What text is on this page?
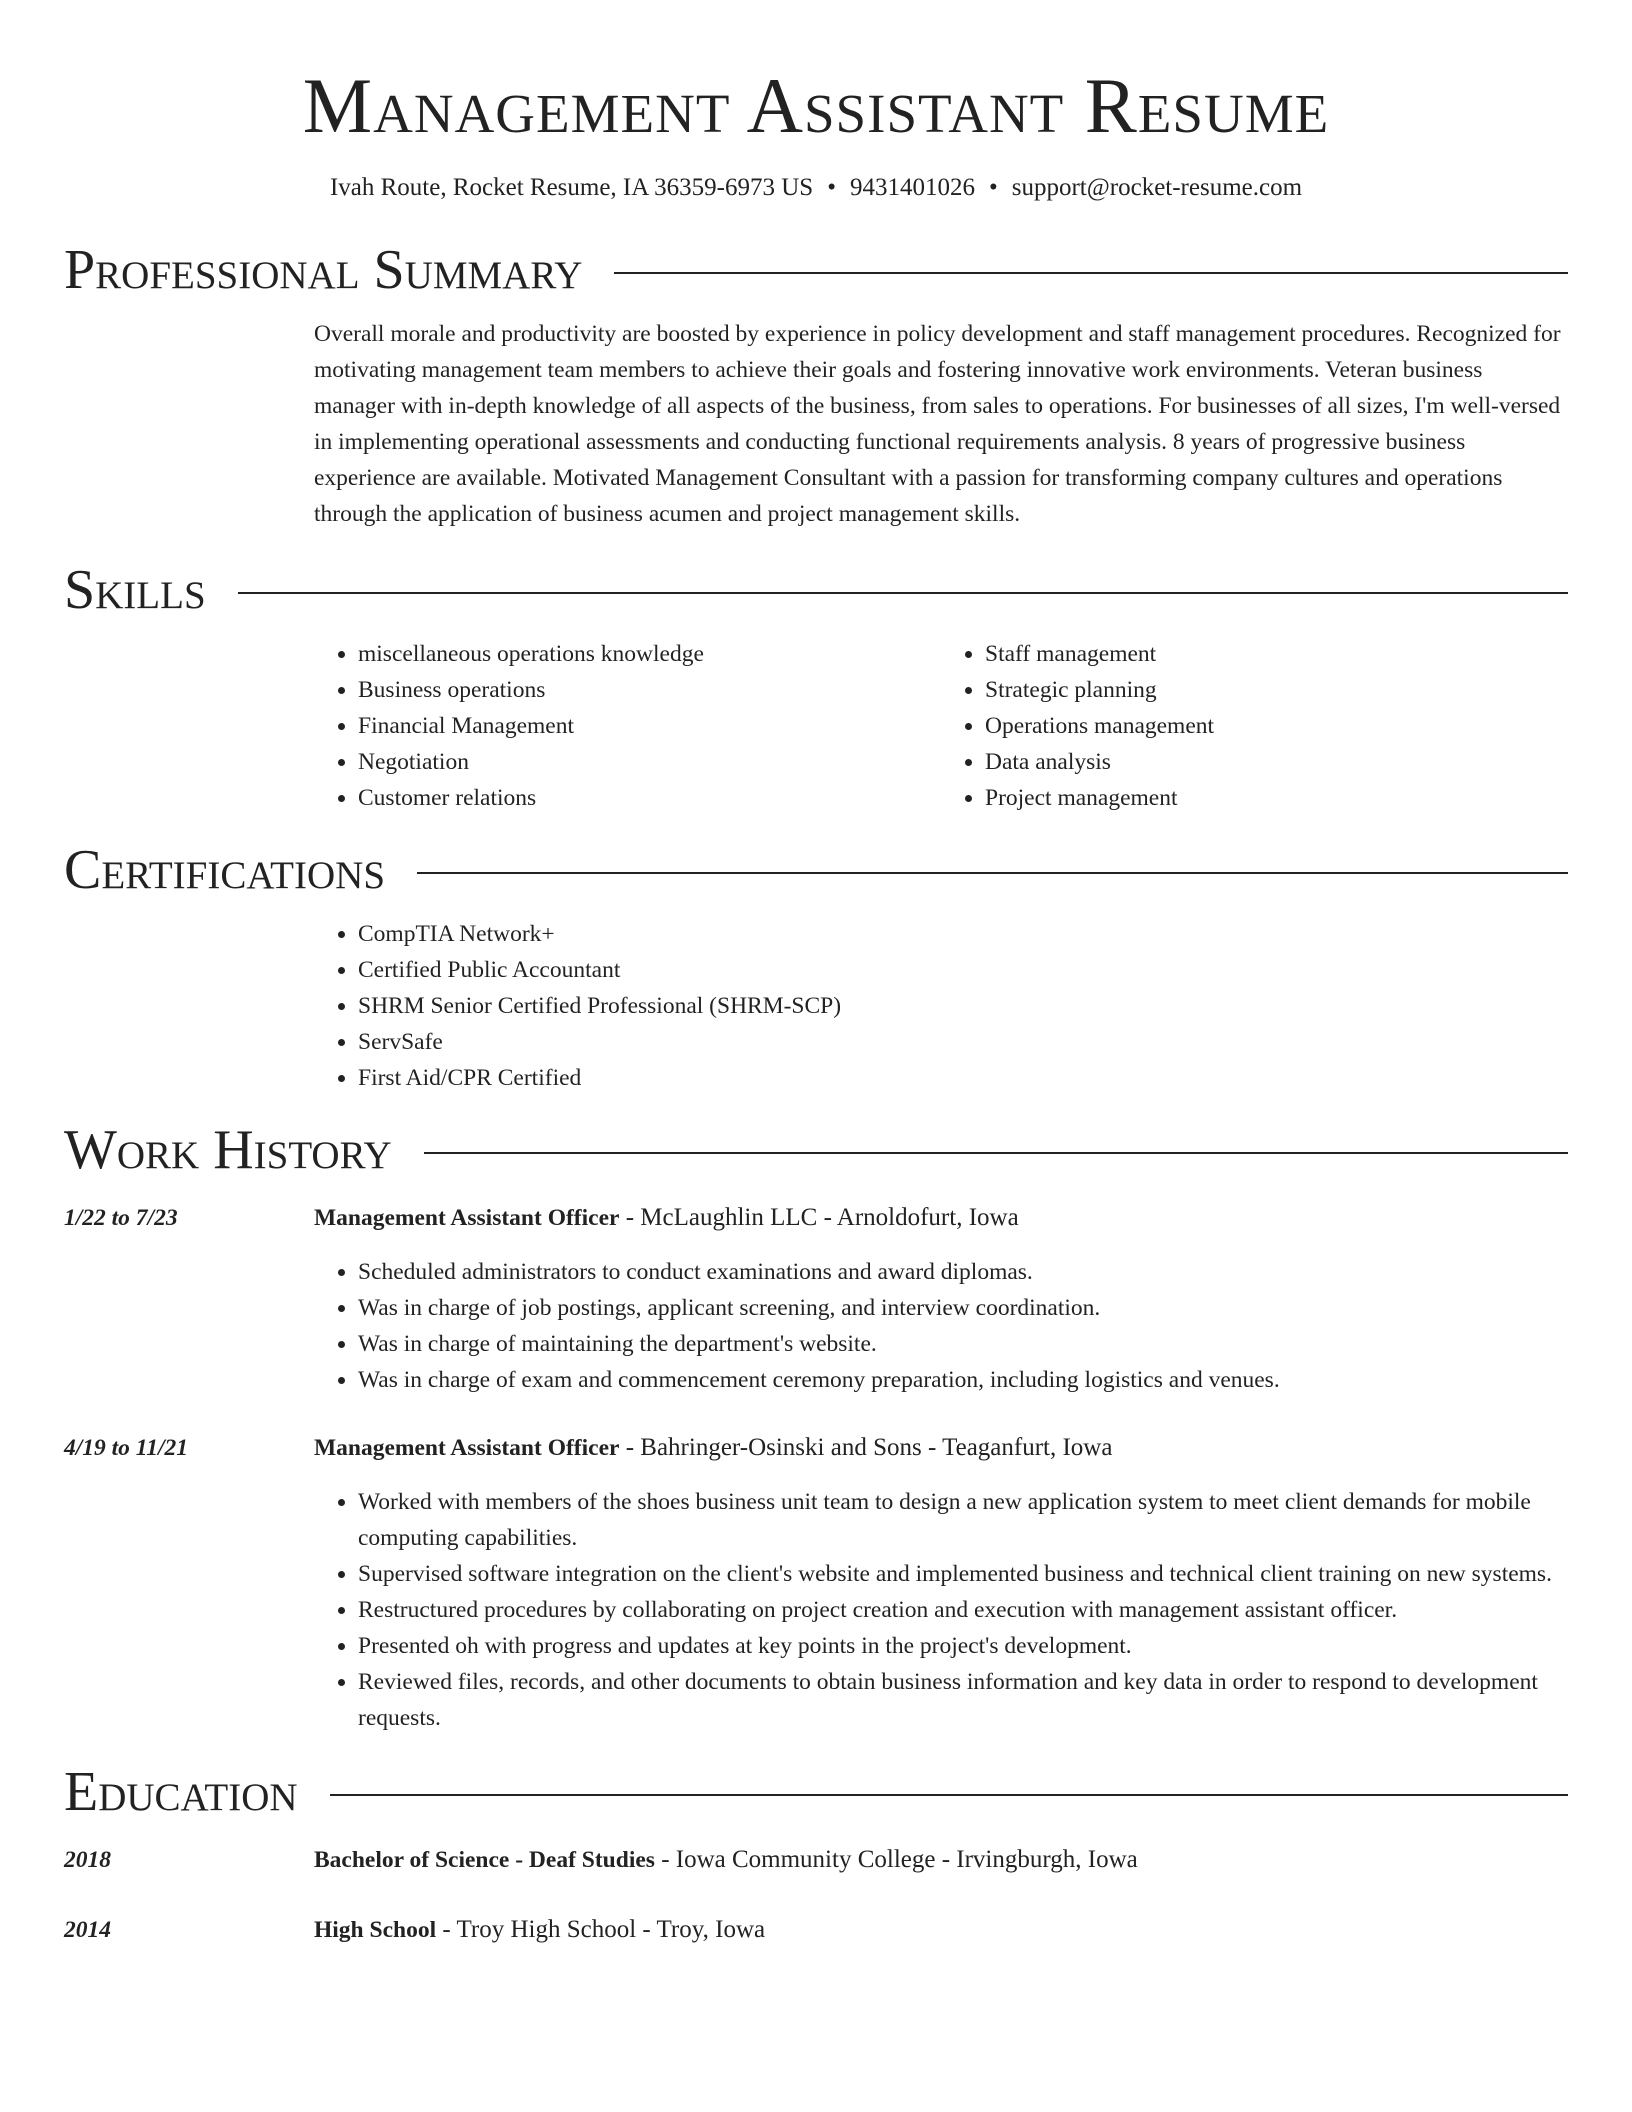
Management Assistant Resume
Ivah Route, Rocket Resume, IA 36359-6973 US • 9431401026 • support@rocket-resume.com
Professional Summary
Overall morale and productivity are boosted by experience in policy development and staff management procedures. Recognized for motivating management team members to achieve their goals and fostering innovative work environments. Veteran business manager with in-depth knowledge of all aspects of the business, from sales to operations. For businesses of all sizes, I'm well-versed in implementing operational assessments and conducting functional requirements analysis. 8 years of progressive business experience are available. Motivated Management Consultant with a passion for transforming company cultures and operations through the application of business acumen and project management skills.
Skills
• miscellaneous operations knowledge
• Business operations
• Financial Management
• Negotiation
• Customer relations
• Staff management
• Strategic planning
• Operations management
• Data analysis
• Project management
Certifications
• CompTIA Network+
• Certified Public Accountant
• SHRM Senior Certified Professional (SHRM-SCP)
• ServSafe
• First Aid/CPR Certified
Work History
1/22 to 7/23	Management Assistant Officer - McLaughlin LLC - Arnoldofurt, Iowa
• Scheduled administrators to conduct examinations and award diplomas.
• Was in charge of job postings, applicant screening, and interview coordination.
• Was in charge of maintaining the department's website.
• Was in charge of exam and commencement ceremony preparation, including logistics and venues.
4/19 to 11/21	Management Assistant Officer - Bahringer-Osinski and Sons - Teaganfurt, Iowa
• Worked with members of the shoes business unit team to design a new application system to meet client demands for mobile computing capabilities.
• Supervised software integration on the client's website and implemented business and technical client training on new systems.
• Restructured procedures by collaborating on project creation and execution with management assistant officer.
• Presented oh with progress and updates at key points in the project's development.
• Reviewed files, records, and other documents to obtain business information and key data in order to respond to development requests.
Education
2018	Bachelor of Science - Deaf Studies - Iowa Community College - Irvingburgh, Iowa
2014	High School - Troy High School - Troy, Iowa
